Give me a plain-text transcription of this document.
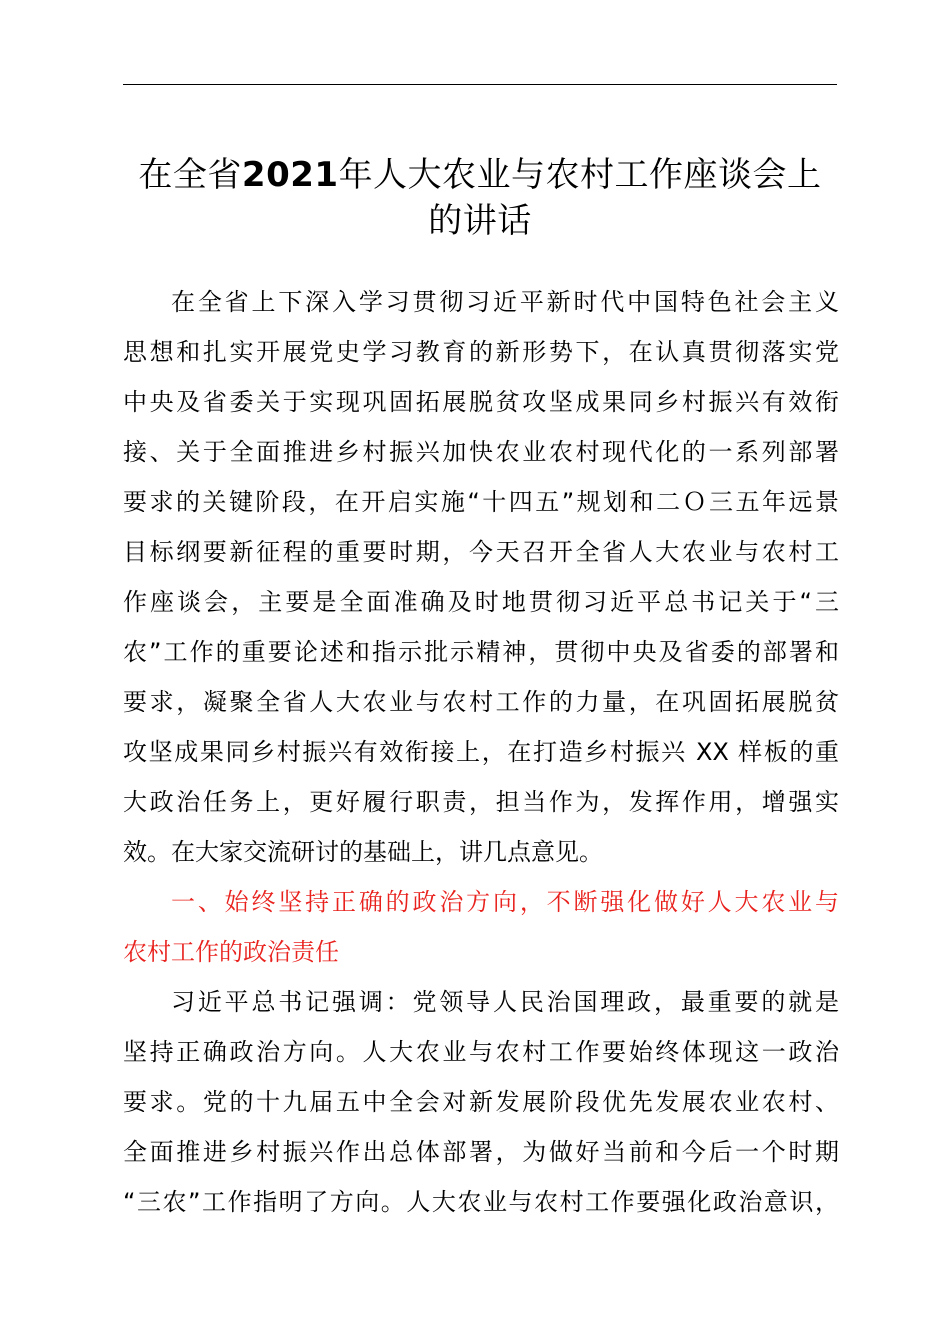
在全省2021年人大农业与农村工作座谈会上
的讲话
在全省上下深入学习贯彻习近平新时代中国特色社会主义
思想和扎实开展党史学习教育的新形势下，在认真贯彻落实党
中央及省委关于实现巩固拓展脱贫攻坚成果同乡村振兴有效衔
接、关于全面推进乡村振兴加快农业农村现代化的一系列部署
要求的关键阶段，在开启实施“十四五”规划和二Ｏ三五年远景
目标纲要新征程的重要时期，今天召开全省人大农业与农村工
作座谈会，主要是全面准确及时地贯彻习近平总书记关于“三
农”工作的重要论述和指示批示精神，贯彻中央及省委的部署和
要求，凝聚全省人大农业与农村工作的力量，在巩固拓展脱贫
攻坚成果同乡村振兴有效衔接上，在打造乡村振兴 XX 样板的重
大政治任务上，更好履行职责，担当作为，发挥作用，增强实
效。在大家交流研讨的基础上，讲几点意见。
一、始终坚持正确的政治方向，不断强化做好人大农业与
农村工作的政治责任
习近平总书记强调：党领导人民治国理政，最重要的就是
坚持正确政治方向。人大农业与农村工作要始终体现这一政治
要求。党的十九届五中全会对新发展阶段优先发展农业农村、
全面推进乡村振兴作出总体部署，为做好当前和今后一个时期
“三农”工作指明了方向。人大农业与农村工作要强化政治意识，
